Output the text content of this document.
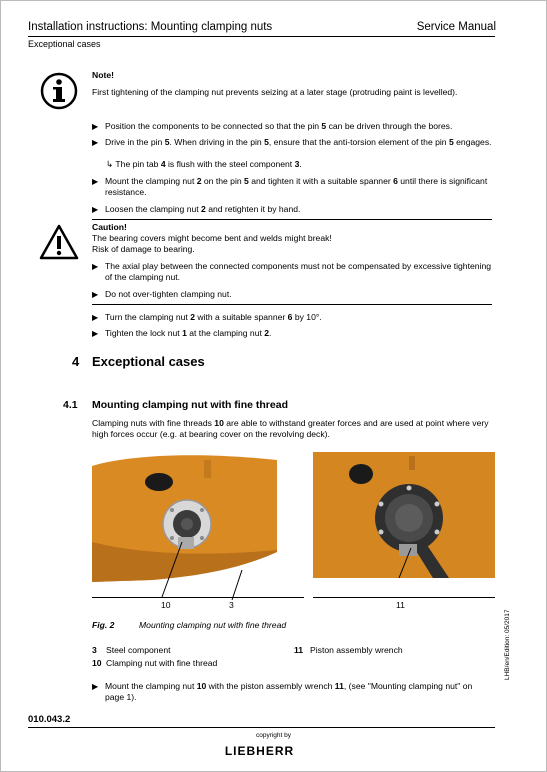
Installation instructions: Mounting clamping nuts	Service Manual
Exceptional cases
Note!
First tightening of the clamping nut prevents seizing at a later stage (protruding paint is levelled).
▶ Position the components to be connected so that the pin 5 can be driven through the bores.
▶ Drive in the pin 5. When driving in the pin 5, ensure that the anti-torsion element of the pin 5 engages.
↳ The pin tab 4 is flush with the steel component 3.
▶ Mount the clamping nut 2 on the pin 5 and tighten it with a suitable spanner 6 until there is significant resistance.
▶ Loosen the clamping nut 2 and retighten it by hand.
Caution!
The bearing covers might become bent and welds might break!
Risk of damage to bearing.
▶ The axial play between the connected components must not be compensated by excessive tightening of the clamping nut.
▶ Do not over-tighten clamping nut.
▶ Turn the clamping nut 2 with a suitable spanner 6 by 10°.
▶ Tighten the lock nut 1 at the clamping nut 2.
4 Exceptional cases
4.1 Mounting clamping nut with fine thread
Clamping nuts with fine threads 10 are able to withstand greater forces and are used at point where very high forces occur (e.g. at bearing cover on the revolving deck).
10	3	11
Fig. 2	Mounting clamping nut with fine thread
3 Steel component
10 Clamping nut with fine thread
11 Piston assembly wrench
▶ Mount the clamping nut 10 with the piston assembly wrench 11, (see "Mounting clamping nut" on page 1).
LHB/en/Edition: 05/2017
010.043.2
copyright by
LIEBHERR
